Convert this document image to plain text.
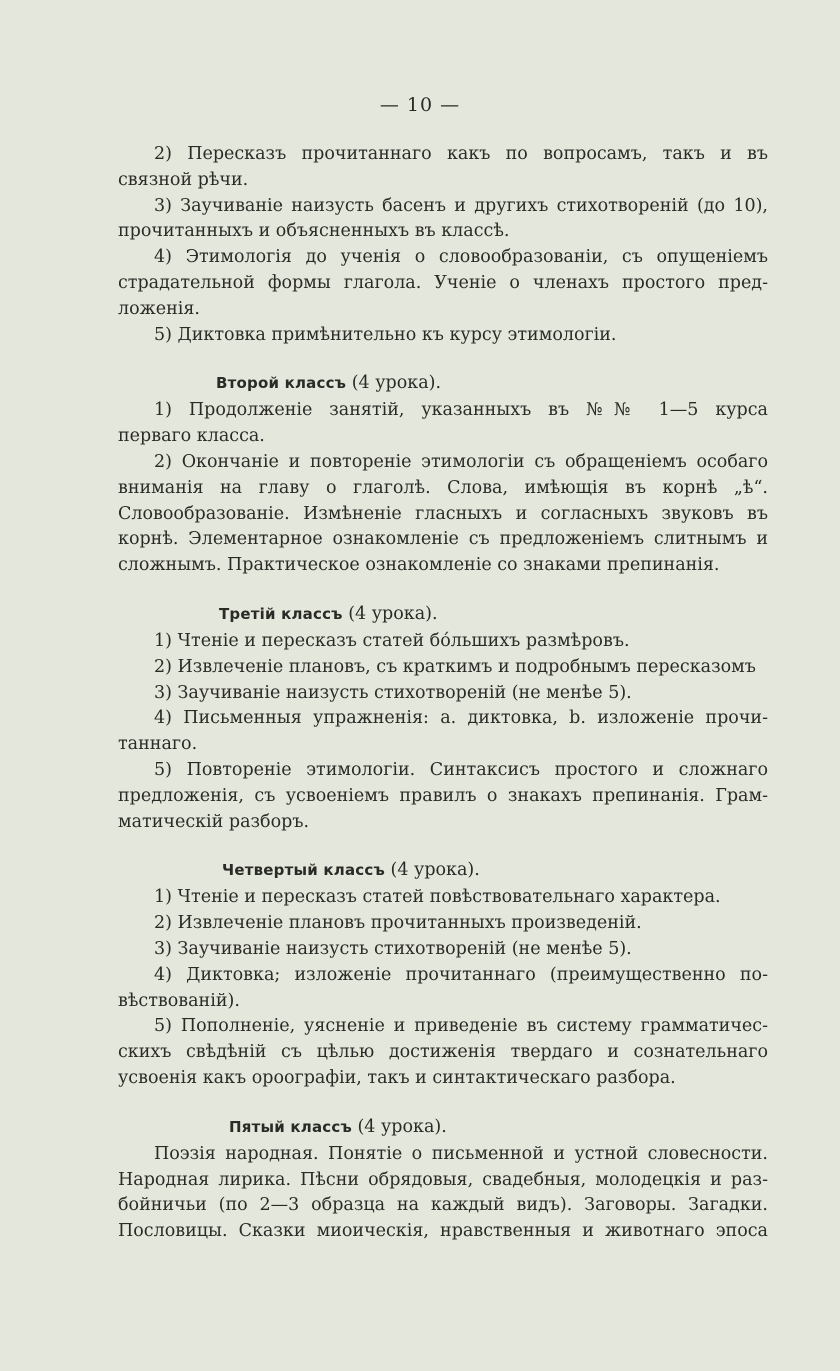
— 10 —
2) Пересказъ прочитаннаго какъ по вопросамъ, такъ и въ
связной рѣчи.
3) Заучиванiе наизусть басенъ и другихъ стихотворенiй (до 10),
прочитанныхъ и объясненныхъ въ классѣ.
4) Этимологiя до ученiя о словообразованiи, съ опущенiемъ
страдательной формы глагола. Ученiе о членахъ простого пред-
ложенiя.
5) Диктовка примѣнительно къ курсу этимологiи.
Второй классъ (4 урока).
1) Продолженiе занятiй, указанныхъ въ №№ 1—5 курса
перваго класса.
2) Окончанiе и повторенiе этимологiи съ обращенiемъ особаго
вниманiя на главу о глаголѣ. Слова, имѣющiя въ корнѣ „ѣ“.
Словообразованiе. Измѣненiе гласныхъ и согласныхъ звуковъ въ
корнѣ. Элементарное ознакомленiе съ предложенiемъ слитнымъ и
сложнымъ. Практическое ознакомленiе со знаками препинанiя.
Третiй классъ (4 урока).
1) Чтенiе и пересказъ статей бóльшихъ размѣровъ.
2) Извлеченiе плановъ, съ краткимъ и подробнымъ пересказомъ
3) Заучиванiе наизусть стихотворенiй (не менѣе 5).
4) Письменныя упражненiя: a. диктовка, b. изложенiе прочи-
таннаго.
5) Повторенiе этимологiи. Синтаксисъ простого и сложнаго
предложенiя, съ усвоенiемъ правилъ о знакахъ препинанiя. Грам-
матическiй разборъ.
Четвертый классъ (4 урока).
1) Чтенiе и пересказъ статей повѣствовательнаго характера.
2) Извлеченiе плановъ прочитанныхъ произведенiй.
3) Заучиванiе наизусть стихотворенiй (не менѣе 5).
4) Диктовка; изложенiе прочитаннаго (преимущественно по-
вѣствованiй).
5) Пополненiе, уясненiе и приведенiе въ систему грамматичес-
скихъ свѣдѣнiй съ цѣлью достиженiя твердаго и сознательнаго
усвоенiя какъ ороографiи, такъ и синтактическаго разбора.
Пятый классъ (4 урока).
Поэзiя народная. Понятiе о письменной и устной словесности.
Народная лирика. Пѣсни обрядовыя, свадебныя, молодецкiя и раз-
бойничьи (по 2—3 образца на каждый видъ). Заговоры. Загадки.
Пословицы. Сказки миоическiя, нравственныя и животнаго эпоса
